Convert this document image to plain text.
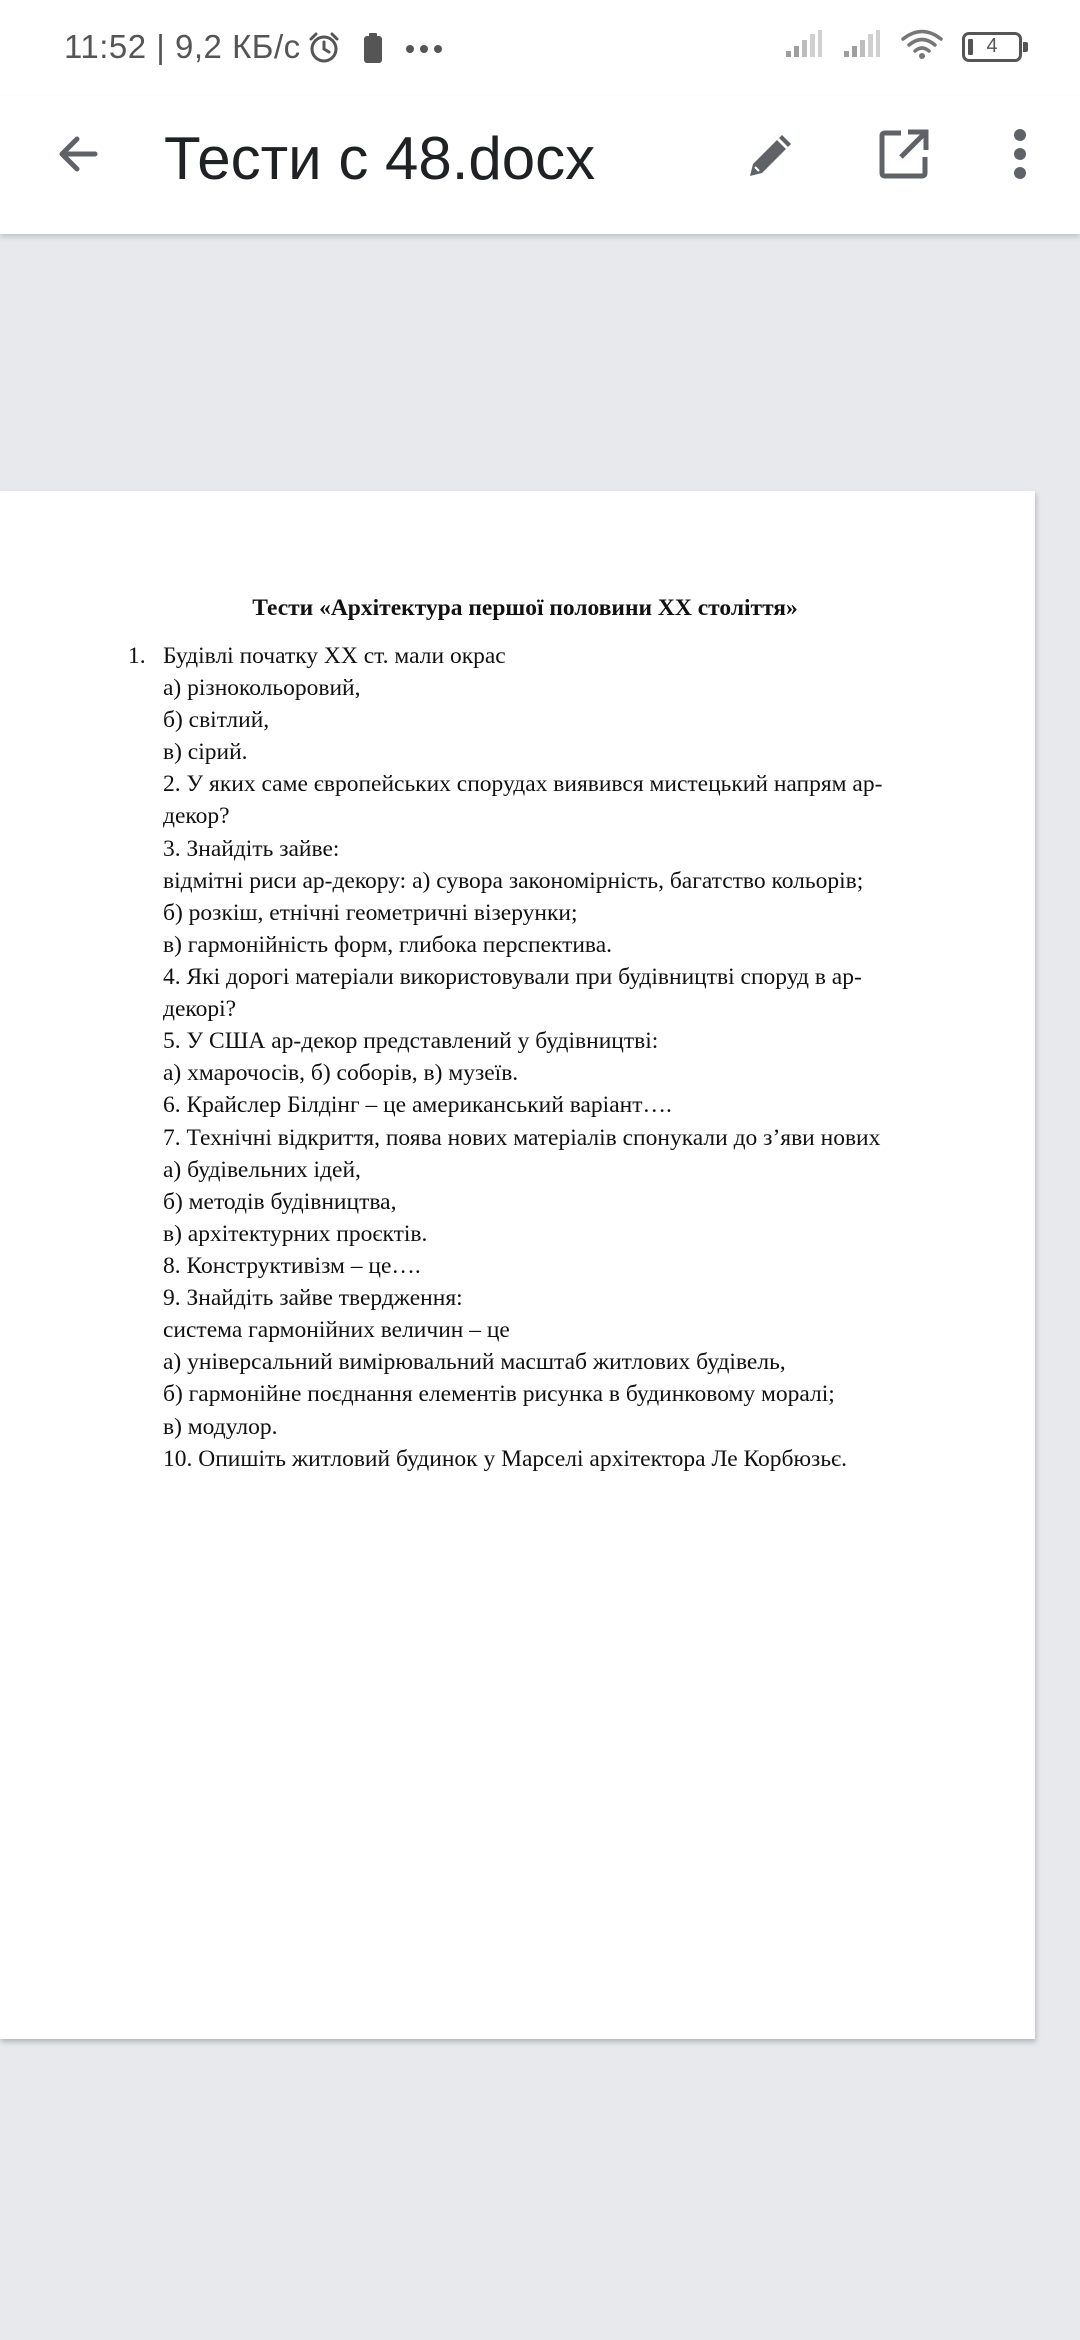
11:52 | 9,2 КБ/с	4
Тести с 48.docx
Тести «Архітектура першої половини ХХ століття»
1. Будівлі початку ХХ ст. мали окрас
а) різнокольоровий,
б) світлий,
в) сірий.
2. У яких саме європейських спорудах виявився мистецький напрям ар-
декор?
3. Знайдіть зайве:
відмітні риси ар-декору: а) сувора закономірність, багатство кольорів;
б) розкіш, етнічні геометричні візерунки;
в) гармонійність форм, глибока перспектива.
4. Які дорогі матеріали використовували при будівництві споруд в ар-
декорі?
5. У США ар-декор представлений у будівництві:
а) хмарочосів, б) соборів, в) музеїв.
6. Крайслер Білдінг – це американський варіант….
7. Технічні відкриття, поява нових матеріалів спонукали до з’яви нових
а) будівельних ідей,
б) методів будівництва,
в) архітектурних проєктів.
8. Конструктивізм – це….
9. Знайдіть зайве твердження:
система гармонійних величин – це
а) універсальний вимірювальний масштаб житлових будівель,
б) гармонійне поєднання елементів рисунка в будинковому моралі;
в) модулор.
10. Опишіть житловий будинок у Марселі архітектора Ле Корбюзьє.
